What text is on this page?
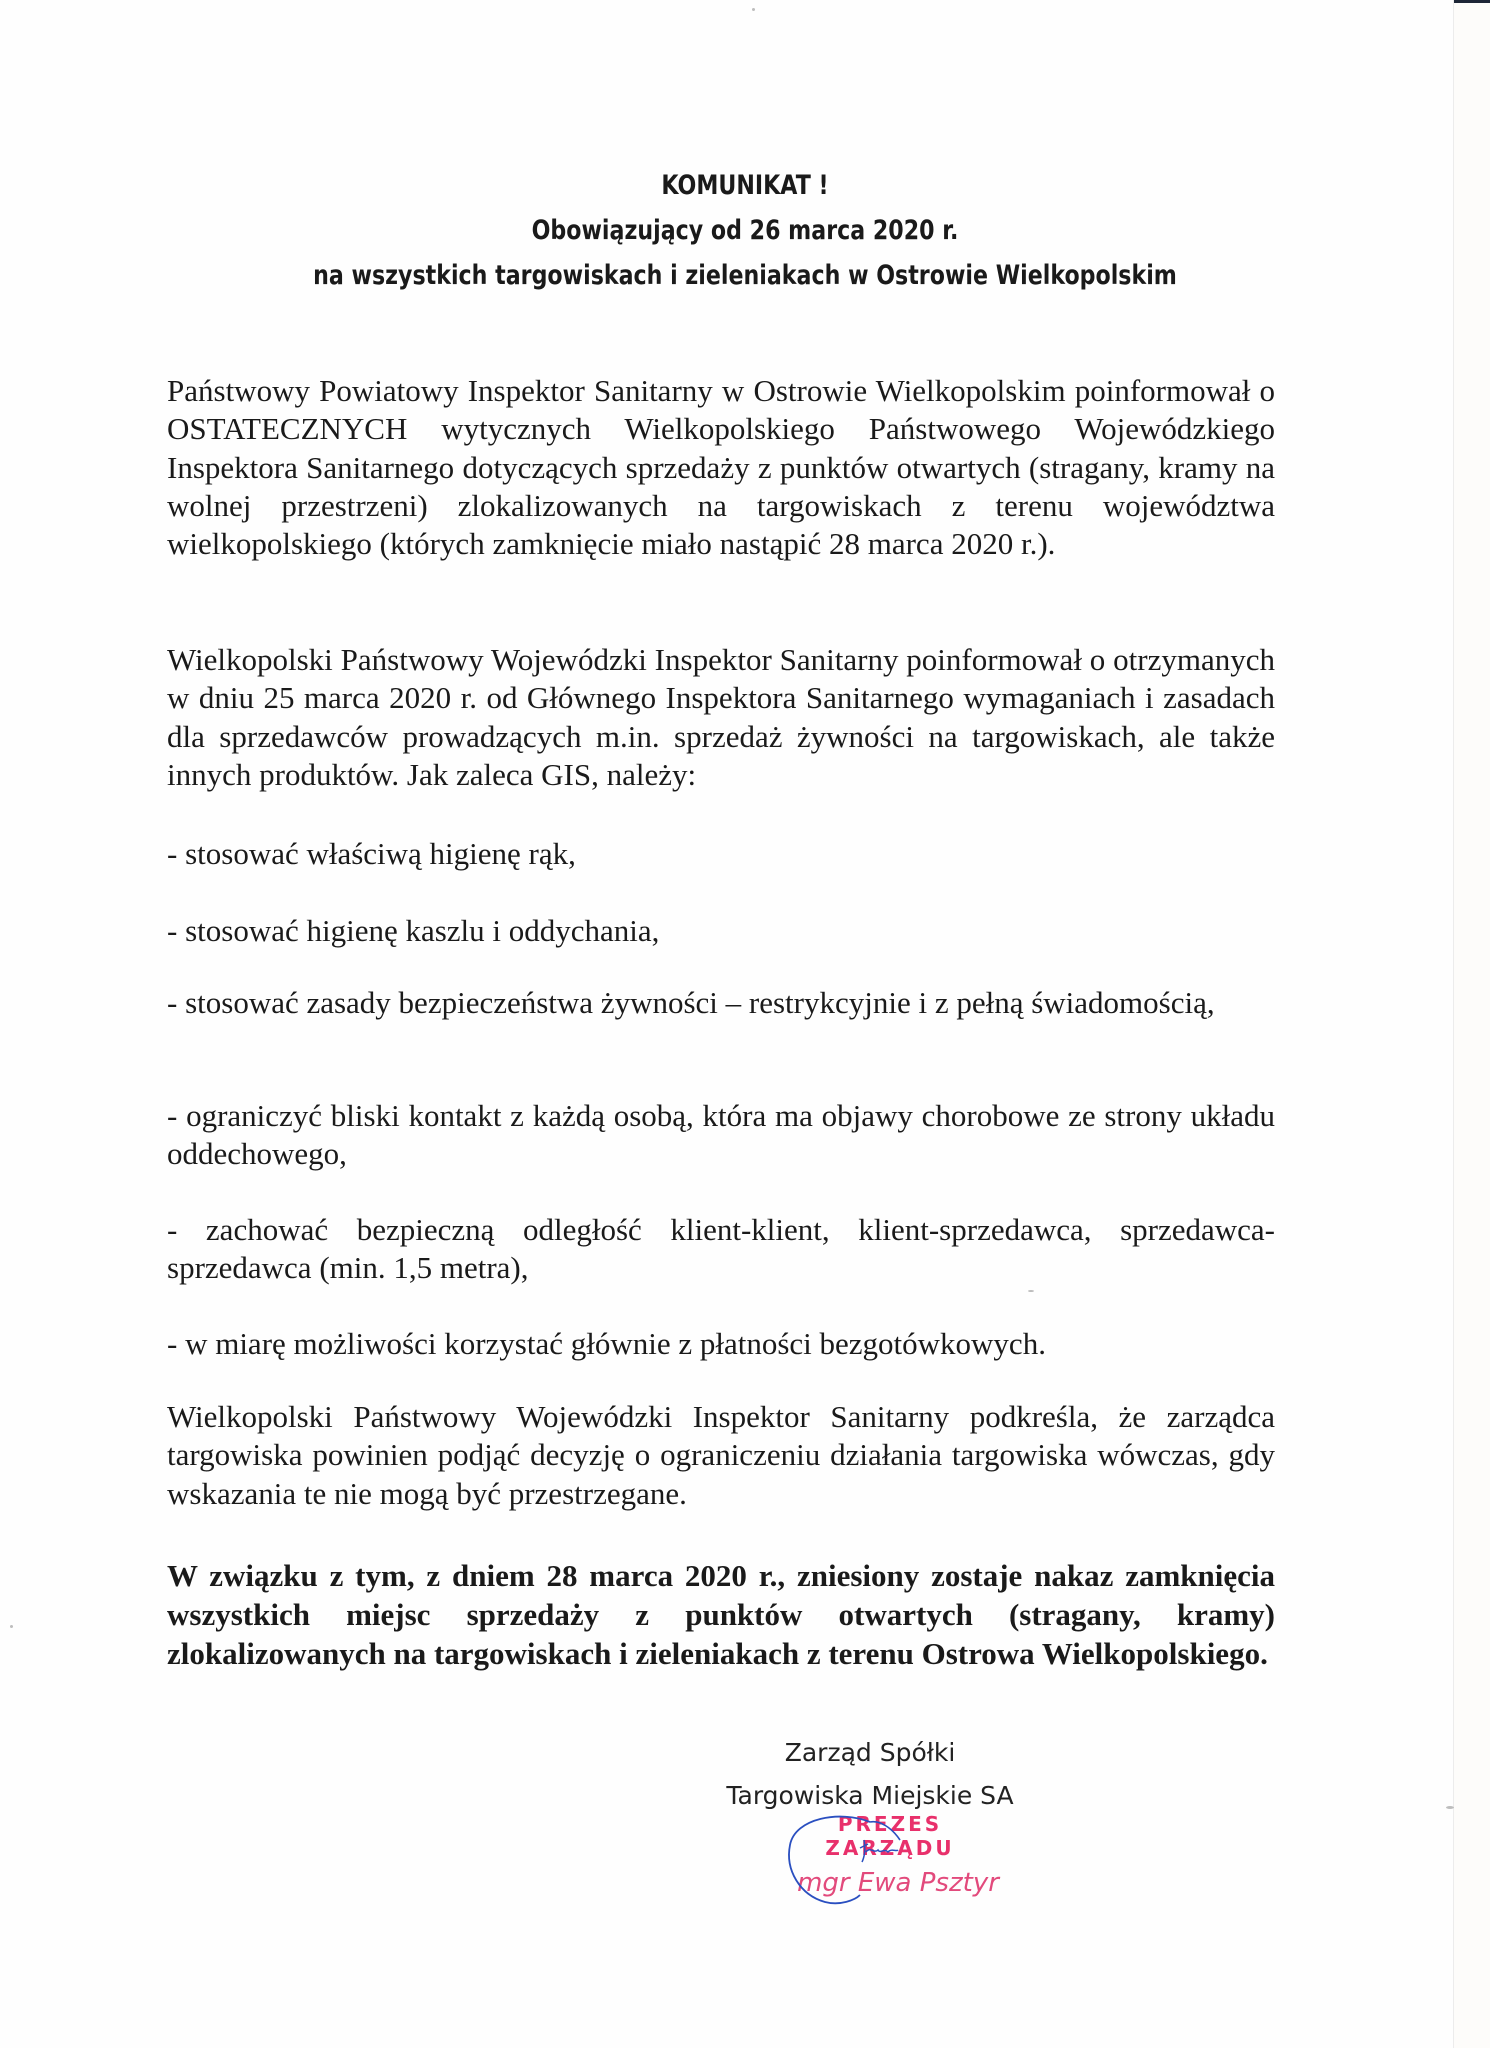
KOMUNIKAT !
Obowiązujący od 26 marca 2020 r.
na wszystkich targowiskach i zieleniakach w Ostrowie Wielkopolskim
Państwowy Powiatowy Inspektor Sanitarny w Ostrowie Wielkopolskim poinformował o OSTATECZNYCH wytycznych Wielkopolskiego Państwowego Wojewódzkiego Inspektora Sanitarnego dotyczących sprzedaży z punktów otwartych (stragany, kramy na wolnej przestrzeni) zlokalizowanych na targowiskach z terenu województwa wielkopolskiego (których zamknięcie miało nastąpić 28 marca 2020 r.).
Wielkopolski Państwowy Wojewódzki Inspektor Sanitarny poinformował o otrzymanych w dniu 25 marca 2020 r. od Głównego Inspektora Sanitarnego wymaganiach i zasadach dla sprzedawców prowadzących m.in. sprzedaż żywności na targowiskach, ale także innych produktów. Jak zaleca GIS, należy:
- stosować właściwą higienę rąk,
- stosować higienę kaszlu i oddychania,
- stosować zasady bezpieczeństwa żywności – restrykcyjnie i z pełną świadomością,
- ograniczyć bliski kontakt z każdą osobą, która ma objawy chorobowe ze strony układu oddechowego,
- zachować bezpieczną odległość klient-klient, klient-sprzedawca, sprzedawca-sprzedawca (min. 1,5 metra),
- w miarę możliwości korzystać głównie z płatności bezgotówkowych.
Wielkopolski Państwowy Wojewódzki Inspektor Sanitarny podkreśla, że zarządca targowiska powinien podjąć decyzję o ograniczeniu działania targowiska wówczas, gdy wskazania te nie mogą być przestrzegane.
W związku z tym, z dniem 28 marca 2020 r., zniesiony zostaje nakaz zamknięcia wszystkich miejsc sprzedaży z punktów otwartych (stragany, kramy) zlokalizowanych na targowiskach i zieleniakach z terenu Ostrowa Wielkopolskiego.
Zarząd Spółki
Targowiska Miejskie SA
PREZES ZARZĄDU
mgr Ewa Psztyr
